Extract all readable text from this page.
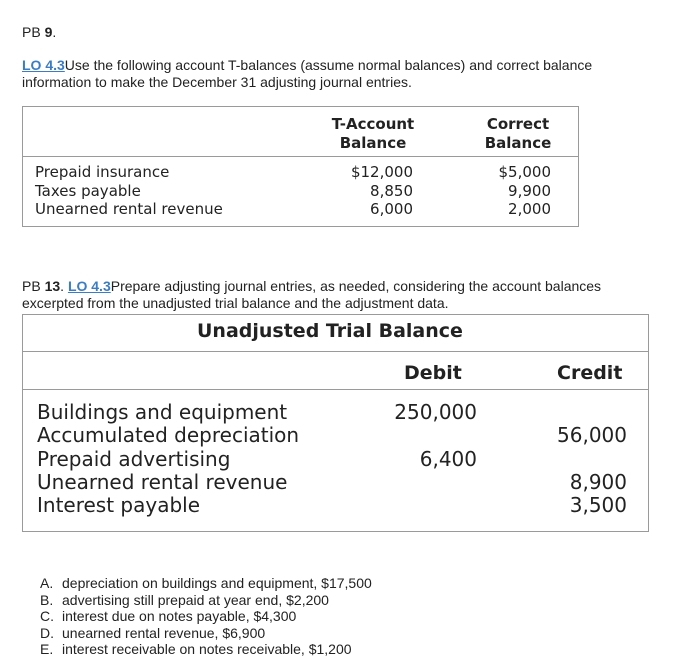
PB 9.
LO 4.3Use the following account T-balances (assume normal balances) and correct balance
information to make the December 31 adjusting journal entries.
T-Account
Balance
Correct
Balance
Prepaid insurance
Taxes payable
Unearned rental revenue
$12,000
8,850
6,000
$5,000
9,900
2,000
PB 13. LO 4.3Prepare adjusting journal entries, as needed, considering the account balances
excerpted from the unadjusted trial balance and the adjustment data.
Unadjusted Trial Balance
Debit	Credit
Buildings and equipment
Accumulated depreciation
Prepaid advertising
Unearned rental revenue
Interest payable
250,000
6,400
56,000
8,900
3,500
A. depreciation on buildings and equipment, $17,500
B. advertising still prepaid at year end, $2,200
C. interest due on notes payable, $4,300
D. unearned rental revenue, $6,900
E. interest receivable on notes receivable, $1,200
